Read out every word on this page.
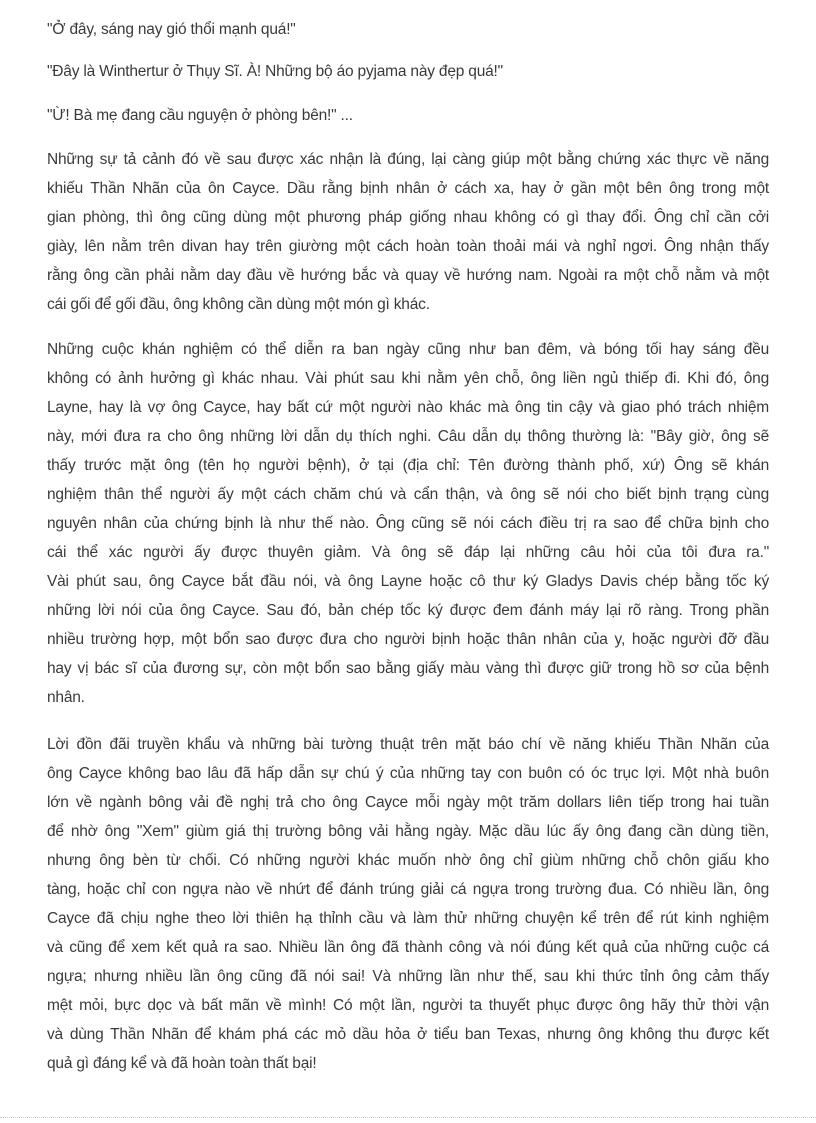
"Ở đây, sáng nay gió thổi mạnh quá!"
"Đây là Winthertur ở Thụy Sĩ. À! Những bộ áo pyjama này đẹp quá!"
"Ừ! Bà mẹ đang cầu nguyện ở phòng bên!" ...
Những sự tả cảnh đó về sau được xác nhận là đúng, lại càng giúp một bằng chứng xác thực về năng
khiếu Thần Nhãn của ôn Cayce. Dầu rằng bịnh nhân ở cách xa, hay ở gần một bên ông trong một
gian phòng, thì ông cũng dùng một phương pháp giống nhau không có gì thay đổi. Ông chỉ cần cởi
giày, lên nằm trên divan hay trên giường một cách hoàn toàn thoải mái và nghỉ ngơi. Ông nhận thấy
rằng ông cần phải nằm day đầu về hướng bắc và quay về hướng nam. Ngoài ra một chỗ nằm và một
cái gối để gối đầu, ông không cần dùng một món gì khác.
Những cuộc khán nghiệm có thể diễn ra ban ngày cũng như ban đêm, và bóng tối hay sáng đều
không có ảnh hưởng gì khác nhau. Vài phút sau khi nằm yên chỗ, ông liền ngủ thiếp đi. Khi đó, ông
Layne, hay là vợ ông Cayce, hay bất cứ một người nào khác mà ông tin cậy và giao phó trách nhiệm
này, mới đưa ra cho ông những lời dẫn dụ thích nghi. Câu dẫn dụ thông thường là: "Bây giờ, ông sẽ
thấy trước mặt ông (tên họ người bệnh), ở tại (địa chỉ: Tên đường thành phố, xứ) Ông sẽ khán
nghiệm thân thể người ấy một cách chăm chú và cẩn thận, và ông sẽ nói cho biết bịnh trạng cùng
nguyên nhân của chứng bịnh là như thế nào. Ông cũng sẽ nói cách điều trị ra sao để chữa bịnh cho
cái thể xác người ấy được thuyên giảm. Và ông sẽ đáp lại những câu hỏi của tôi đưa ra."
Vài phút sau, ông Cayce bắt đầu nói, và ông Layne hoặc cô thư ký Gladys Davis chép bằng tốc ký
những lời nói của ông Cayce. Sau đó, bản chép tốc ký được đem đánh máy lại rõ ràng. Trong phần
nhiều trường hợp, một bổn sao được đưa cho người bịnh hoặc thân nhân của y, hoặc người đỡ đầu
hay vị bác sĩ của đương sự, còn một bổn sao bằng giấy màu vàng thì được giữ trong hồ sơ của bệnh
nhân.
Lời đồn đãi truyền khẩu và những bài tường thuật trên mặt báo chí về năng khiếu Thần Nhãn của
ông Cayce không bao lâu đã hấp dẫn sự chú ý của những tay con buôn có óc trục lợi. Một nhà buôn
lớn về ngành bông vải đề nghị trả cho ông Cayce mỗi ngày một trăm dollars liên tiếp trong hai tuần
để nhờ ông "Xem" giùm giá thị trường bông vải hằng ngày. Mặc dầu lúc ấy ông đang cần dùng tiền,
nhưng ông bèn từ chối. Có những người khác muốn nhờ ông chỉ giùm những chỗ chôn giấu kho
tàng, hoặc chỉ con ngựa nào về nhứt để đánh trúng giải cá ngựa trong trường đua. Có nhiều lần, ông
Cayce đã chịu nghe theo lời thiên hạ thỉnh cầu và làm thử những chuyện kể trên để rút kinh nghiệm
và cũng để xem kết quả ra sao. Nhiều lần ông đã thành công và nói đúng kết quả của những cuộc cá
ngựa; nhưng nhiều lần ông cũng đã nói sai! Và những lần như thế, sau khi thức tỉnh ông cảm thấy
mệt mỏi, bực dọc và bất mãn về mình! Có một lần, người ta thuyết phục được ông hãy thử thời vận
và dùng Thần Nhãn để khám phá các mỏ dầu hỏa ở tiểu ban Texas, nhưng ông không thu được kết
quả gì đáng kể và đã hoàn toàn thất bại!
